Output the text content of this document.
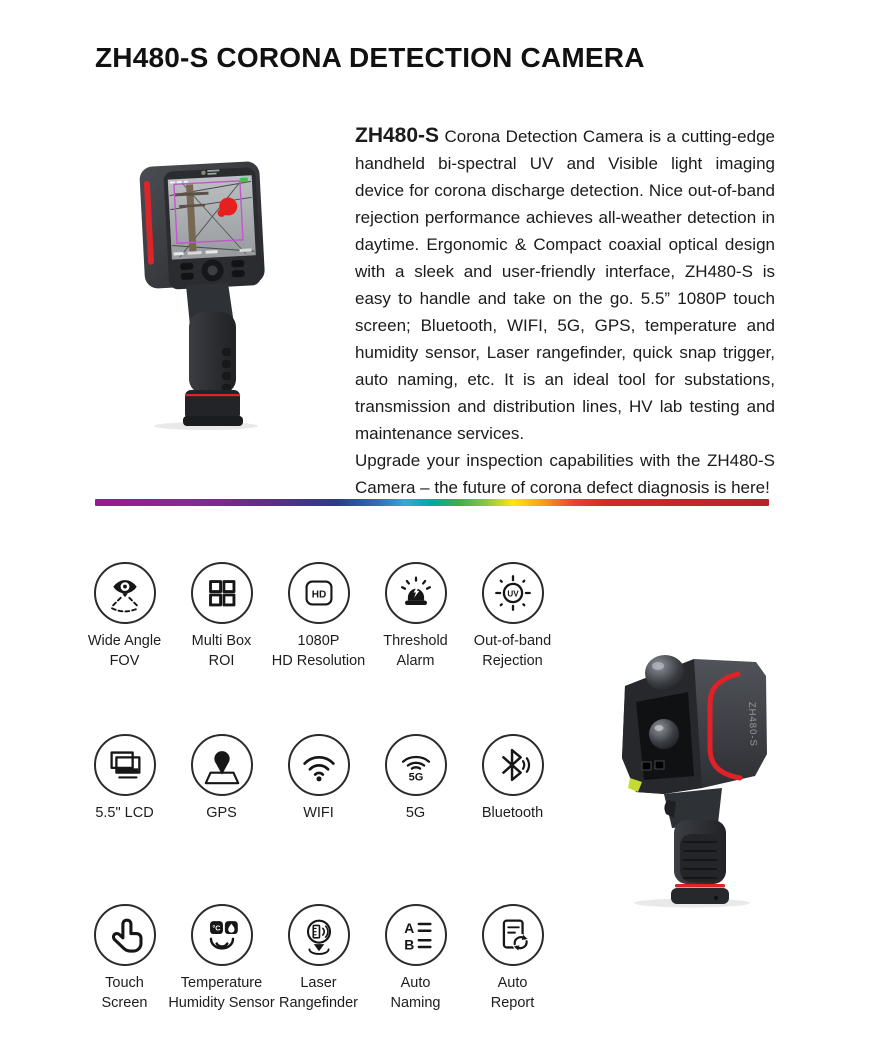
ZH480-S CORONA DETECTION CAMERA

ZH480-S Corona Detection Camera is a cutting-edge handheld bi-spectral UV and Visible light imaging device for corona discharge detection. Nice out-of-band rejection performance achieves all-weather detection in daytime. Ergonomic & Compact coaxial optical design with a sleek and user-friendly interface, ZH480-S is easy to handle and take on the go. 5.5” 1080P touch screen; Bluetooth, WIFI, 5G, GPS, temperature and humidity sensor, Laser rangefinder, quick snap trigger, auto naming, etc. It is an ideal tool for substations, transmission and distribution lines, HV lab testing and maintenance services.
Upgrade your inspection capabilities with the ZH480-S Camera – the future of corona defect diagnosis is here!

Wide Angle
FOV
Multi Box
ROI
HD
1080P
HD Resolution
Threshold
Alarm
UV
Out-of-band
Rejection
5.5" LCD	GPS	WIFI
5G
5G	Bluetooth
Touch
Screen
°C
Temperature
Humidity Sensor
Laser
Rangefinder
A
B
Auto
Naming
Auto
Report
ZH480-S
